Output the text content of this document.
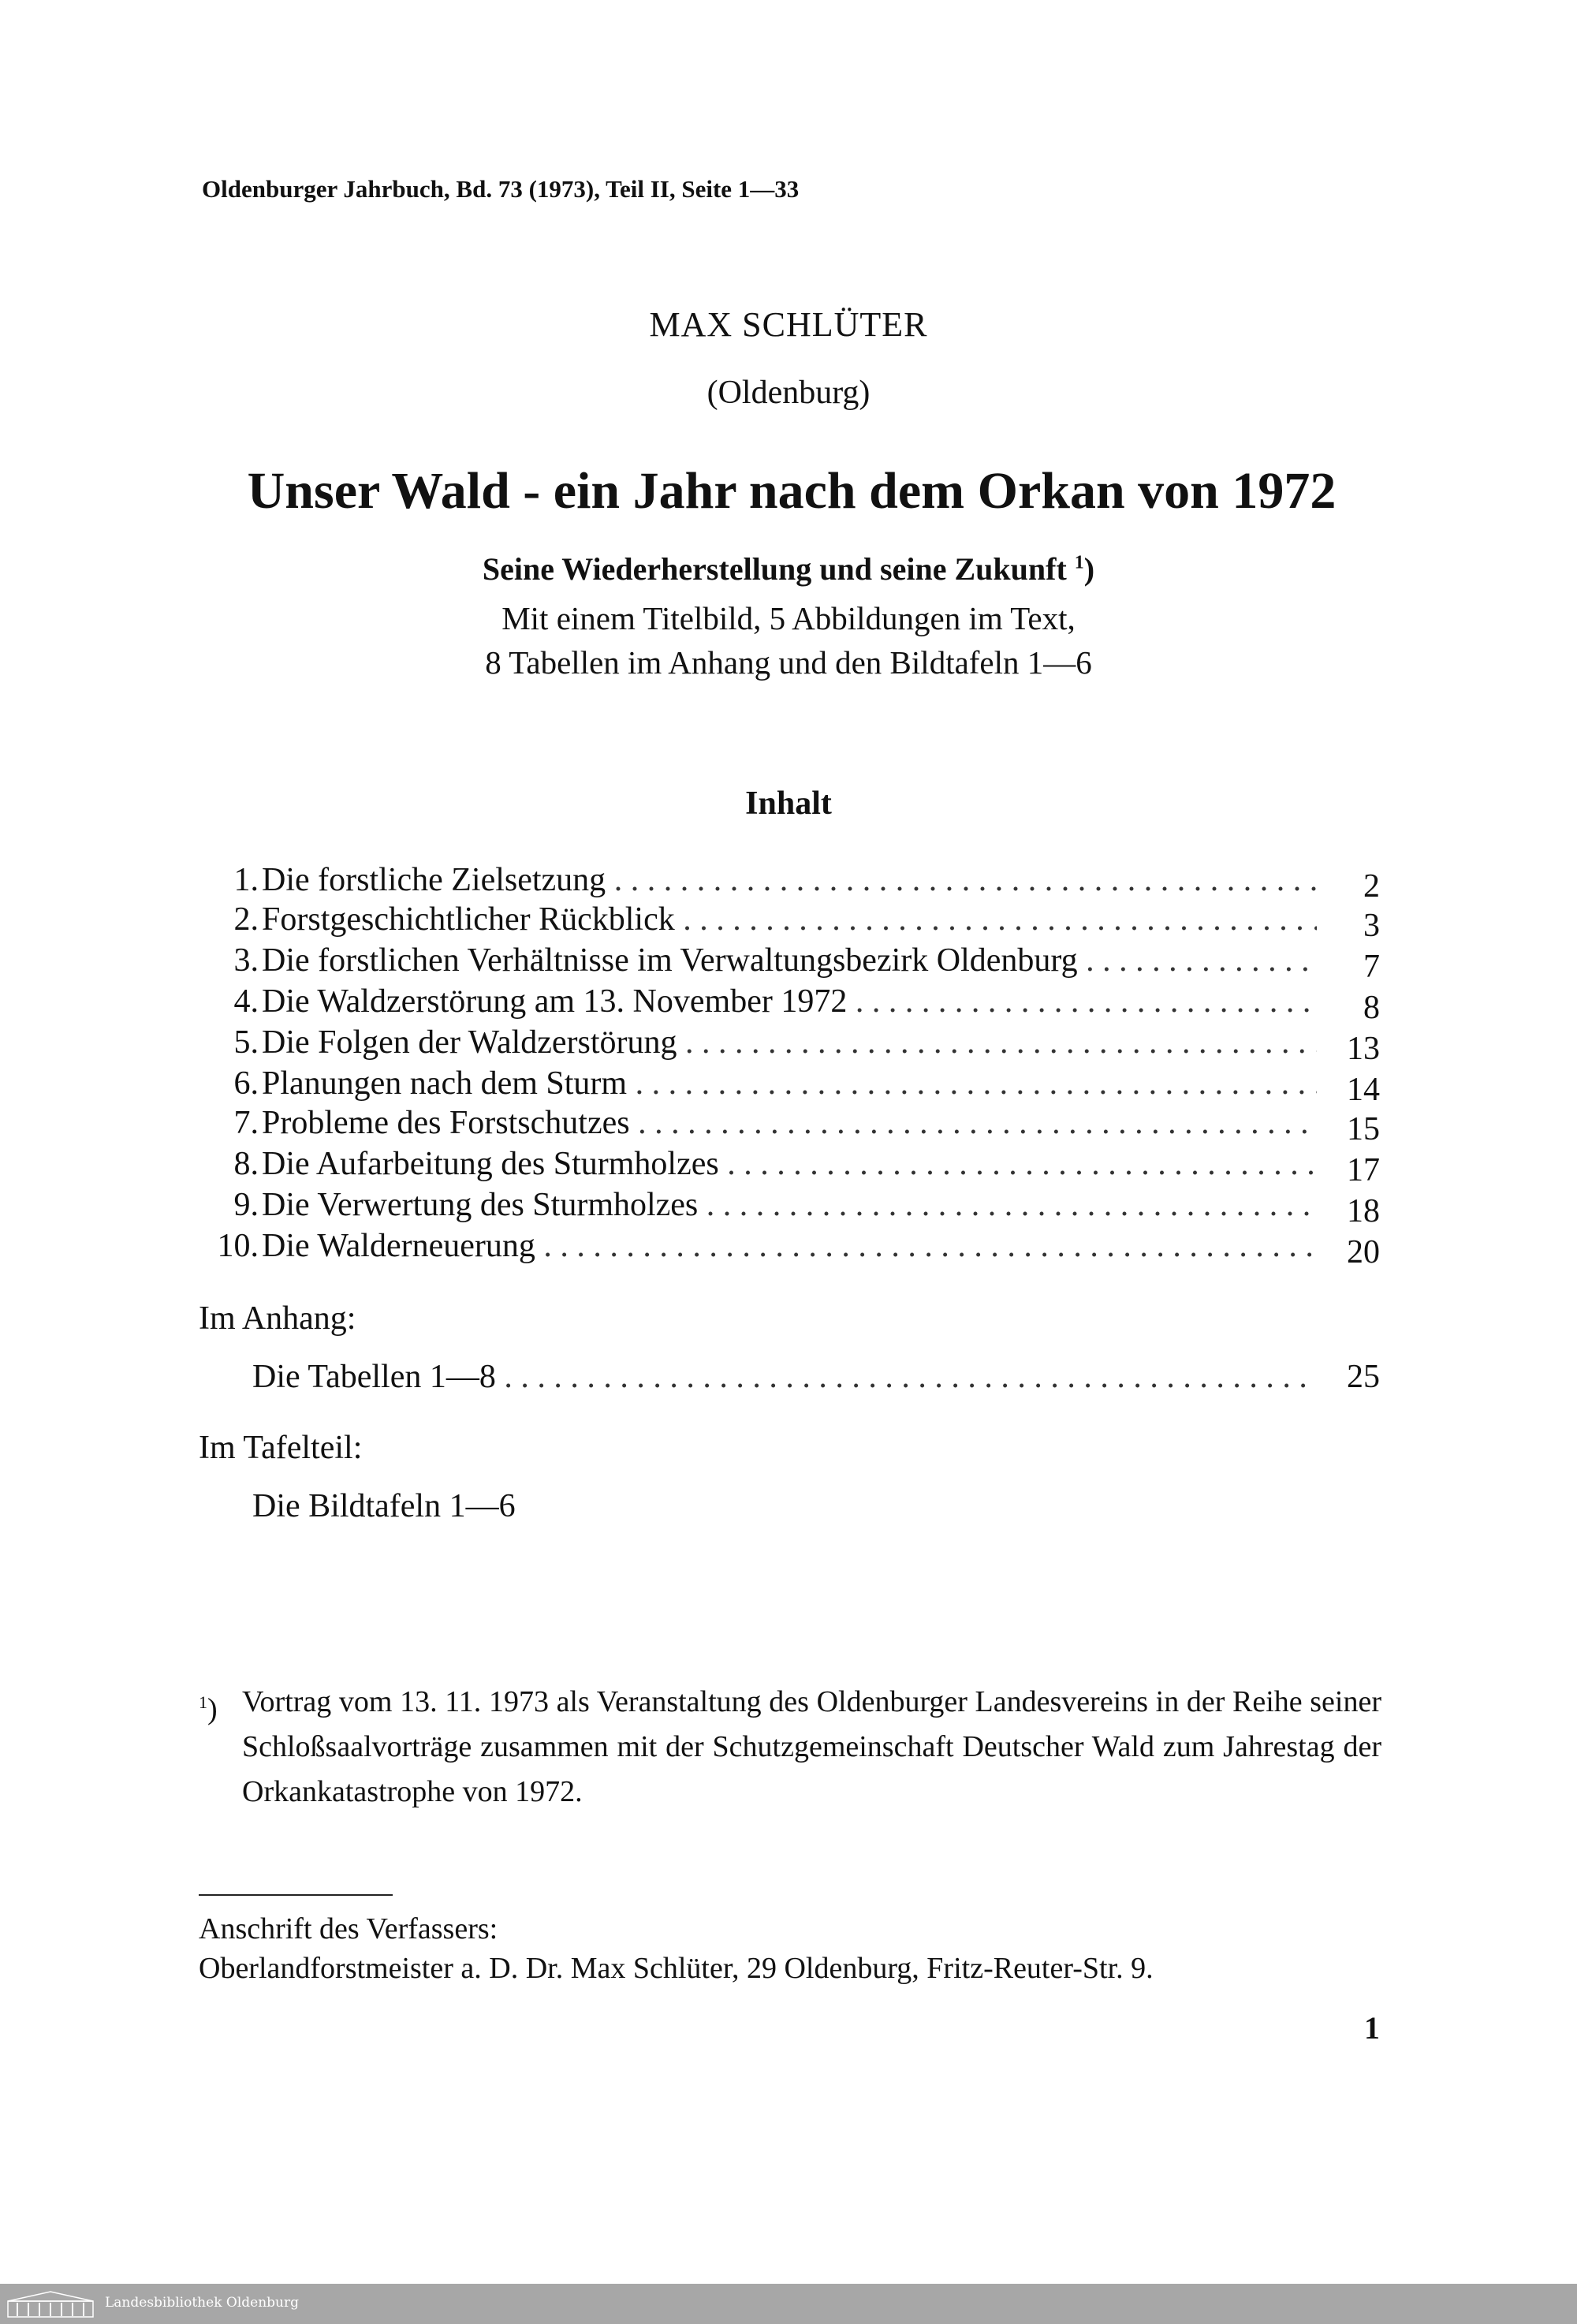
Oldenburger Jahrbuch, Bd. 73 (1973), Teil II, Seite 1—33
MAX SCHLÜTER
(Oldenburg)
Unser Wald - ein Jahr nach dem Orkan von 1972
Seine Wiederherstellung und seine Zukunft $^1$)
Mit einem Titelbild, 5 Abbildungen im Text,
8 Tabellen im Anhang und den Bildtafeln 1—6
Inhalt
1. Die forstliche Zielsetzung . . .	2
2. Forstgeschichtlicher Rückblick . . .	3
3. Die forstlichen Verhältnisse im Verwaltungsbezirk Oldenburg . . .	7
4. Die Waldzerstörung am 13. November 1972 . . .	8
5. Die Folgen der Waldzerstörung . . .	13
6. Planungen nach dem Sturm . . .	14
7. Probleme des Forstschutzes . . .	15
8. Die Aufarbeitung des Sturmholzes . . .	17
9. Die Verwertung des Sturmholzes . . .	18
10. Die Walderneuerung . . .	20
Im Anhang:
Die Tabellen 1—8 . . .	25
Im Tafelteil:
Die Bildtafeln 1—6
$^1$) Vortrag vom 13. 11. 1973 als Veranstaltung des Oldenburger Landesvereins in der Reihe seiner Schloßsaalvorträge zusammen mit der Schutzgemeinschaft Deutscher Wald zum Jahrestag der Orkankatastrophe von 1972.
Anschrift des Verfassers:
Oberlandforstmeister a. D. Dr. Max Schlüter, 29 Oldenburg, Fritz-Reuter-Str. 9.
1
Landesbibliothek Oldenburg
